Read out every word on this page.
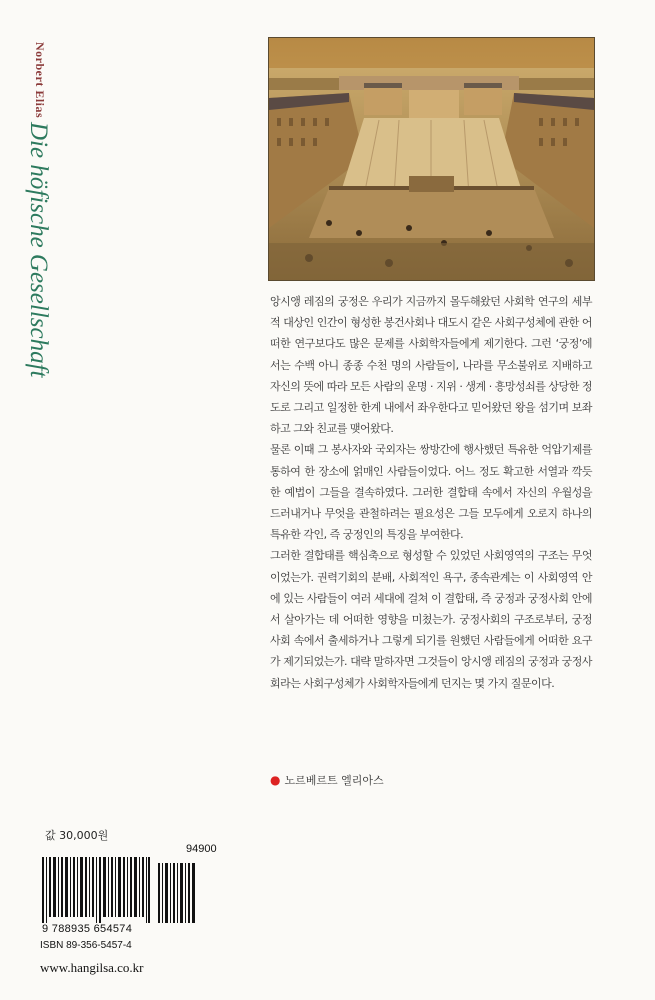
Norbert Elias
Die höfische Gesellschaft	앙시앵 레짐의 궁정은 우리가 지금까지 몰두해왔던 사회학 연구의 세부적 대상인 인간이 형성한 봉건사회나 대도시 같은 사회구성체에 관한 어떠한 연구보다도 많은 문제를 사회학자들에게 제기한다. 그런 ‘궁정’에서는 수백 아니 종종 수천 명의 사람들이, 나라를 무소불위로 지배하고 자신의 뜻에 따라 모든 사람의 운명 · 지위 · 생계 · 흥망성쇠를 상당한 정도로 그리고 일정한 한계 내에서 좌우한다고 믿어왔던 왕을 섬기며 보좌하고 그와 친교를 맺어왔다.

물론 이때 그 봉사자와 국외자는 쌍방간에 행사했던 특유한 억압기제를 통하여 한 장소에 얽매인 사람들이었다. 어느 정도 확고한 서열과 깍듯한 예법이 그들을 결속하였다. 그러한 결합태 속에서 자신의 우월성을 드러내거나 무엇을 관철하려는 필요성은 그들 모두에게 오로지 하나의 특유한 각인, 즉 궁정인의 특징을 부여한다.

그러한 결합태를 핵심축으로 형성할 수 있었던 사회영역의 구조는 무엇이었는가. 권력기회의 분배, 사회적인 욕구, 종속관계는 이 사회영역 안에 있는 사람들이 여러 세대에 걸쳐 이 결합태, 즉 궁정과 궁정사회 안에서 살아가는 데 어떠한 영향을 미쳤는가. 궁정사회의 구조로부터, 궁정사회 속에서 출세하거나 그렇게 되기를 원했던 사람들에게 어떠한 요구가 제기되었는가. 대략 말하자면 그것들이 앙시앵 레짐의 궁정과 궁정사회라는 사회구성체가 사회학자들에게 던지는 몇 가지 질문이다.

● 노르베르트 엘리아스
값 30,000원
94900
9 788935 654574
ISBN 89-356-5457-4
www.hangilsa.co.kr
